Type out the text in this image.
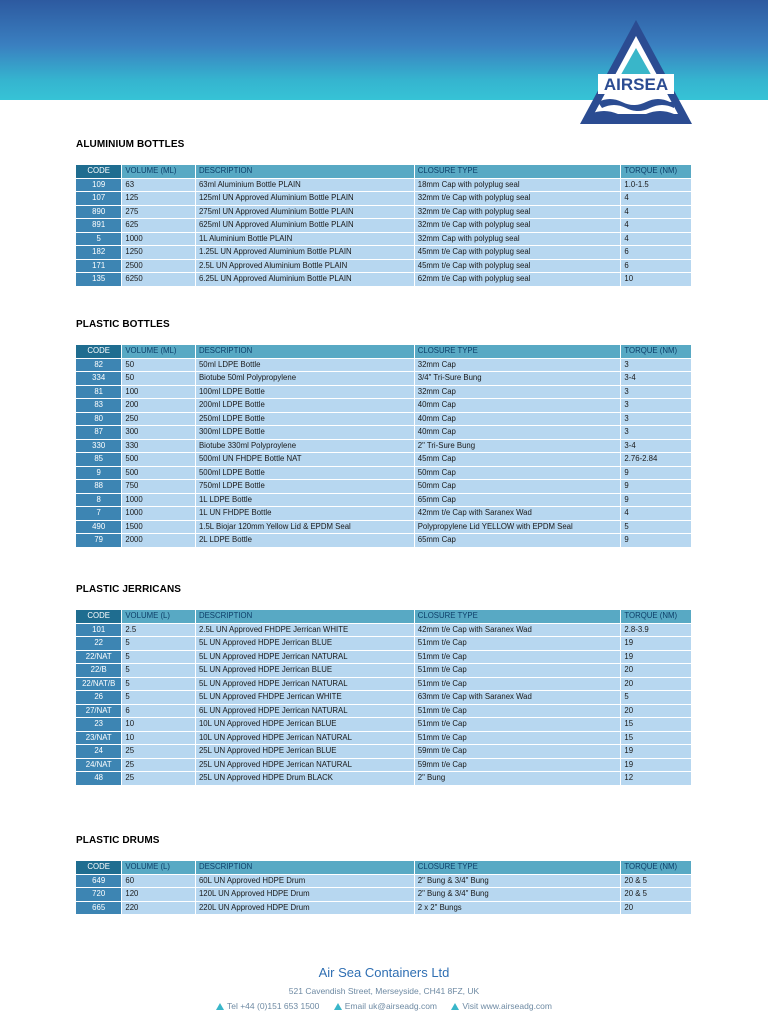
AIRSEA
ALUMINIUM BOTTLES
CODE	VOLUME (ML)	DESCRIPTION	CLOSURE TYPE	TORQUE (NM)
109	63	63ml Aluminium Bottle PLAIN	18mm Cap with polyplug seal	1.0-1.5
107	125	125ml UN Approved Aluminium Bottle PLAIN	32mm t/e Cap with polyplug seal	4
890	275	275ml UN Approved Aluminium Bottle PLAIN	32mm t/e Cap with polyplug seal	4
891	625	625ml UN Approved Aluminium Bottle PLAIN	32mm t/e Cap with polyplug seal	4
5	1000	1L Aluminium Bottle PLAIN	32mm Cap with polyplug seal	4
182	1250	1.25L UN Approved Aluminium Bottle PLAIN	45mm t/e Cap with polyplug seal	6
171	2500	2.5L UN Approved Aluminium Bottle PLAIN	45mm t/e Cap with polyplug seal	6
135	6250	6.25L UN Approved Aluminium Bottle PLAIN	62mm t/e Cap with polyplug seal	10
PLASTIC BOTTLES
CODE	VOLUME (ML)	DESCRIPTION	CLOSURE TYPE	TORQUE (NM)
82	50	50ml LDPE Bottle	32mm Cap	3
334	50	Biotube 50ml Polypropylene	3/4" Tri-Sure Bung	3-4
81	100	100ml LDPE Bottle	32mm Cap	3
83	200	200ml LDPE Bottle	40mm Cap	3
80	250	250ml LDPE Bottle	40mm Cap	3
87	300	300ml LDPE Bottle	40mm Cap	3
330	330	Biotube 330ml Polyproylene	2" Tri-Sure Bung	3-4
85	500	500ml UN FHDPE Bottle NAT	45mm Cap	2.76-2.84
9	500	500ml LDPE Bottle	50mm Cap	9
88	750	750ml LDPE Bottle	50mm Cap	9
8	1000	1L LDPE Bottle	65mm Cap	9
7	1000	1L UN FHDPE Bottle	42mm t/e Cap with Saranex Wad	4
490	1500	1.5L Biojar 120mm Yellow Lid & EPDM Seal	Polypropylene Lid YELLOW with EPDM Seal	5
79	2000	2L LDPE Bottle	65mm Cap	9
PLASTIC JERRICANS
CODE	VOLUME (L)	DESCRIPTION	CLOSURE TYPE	TORQUE (NM)
101	2.5	2.5L UN Approved FHDPE Jerrican WHITE	42mm t/e Cap with Saranex Wad	2.8-3.9
22	5	5L UN Approved HDPE Jerrican BLUE	51mm t/e Cap	19
22/NAT	5	5L UN Approved HDPE Jerrican NATURAL	51mm t/e Cap	19
22/B	5	5L UN Approved HDPE Jerrican BLUE	51mm t/e Cap	20
22/NAT/B	5	5L UN Approved HDPE Jerrican NATURAL	51mm t/e Cap	20
26	5	5L UN Approved FHDPE Jerrican WHITE	63mm t/e Cap with Saranex Wad	5
27/NAT	6	6L UN Approved HDPE Jerrican NATURAL	51mm t/e Cap	20
23	10	10L UN Approved HDPE Jerrican BLUE	51mm t/e Cap	15
23/NAT	10	10L UN Approved HDPE Jerrican NATURAL	51mm t/e Cap	15
24	25	25L UN Approved HDPE Jerrican BLUE	59mm t/e Cap	19
24/NAT	25	25L UN Approved HDPE Jerrican NATURAL	59mm t/e Cap	19
48	25	25L UN Approved HDPE Drum BLACK	2" Bung	12
PLASTIC DRUMS
CODE	VOLUME (L)	DESCRIPTION	CLOSURE TYPE	TORQUE (NM)
649	60	60L UN Approved HDPE Drum	2" Bung & 3/4" Bung	20 & 5
720	120	120L UN Approved HDPE Drum	2" Bung & 3/4" Bung	20 & 5
665	220	220L UN Approved HDPE Drum	2 x 2" Bungs	20
Air Sea Containers Ltd
521 Cavendish Street, Merseyside, CH41 8FZ, UK
Tel +44 (0)151 653 1500	Email uk@airseadg.com	Visit www.airseadg.com
